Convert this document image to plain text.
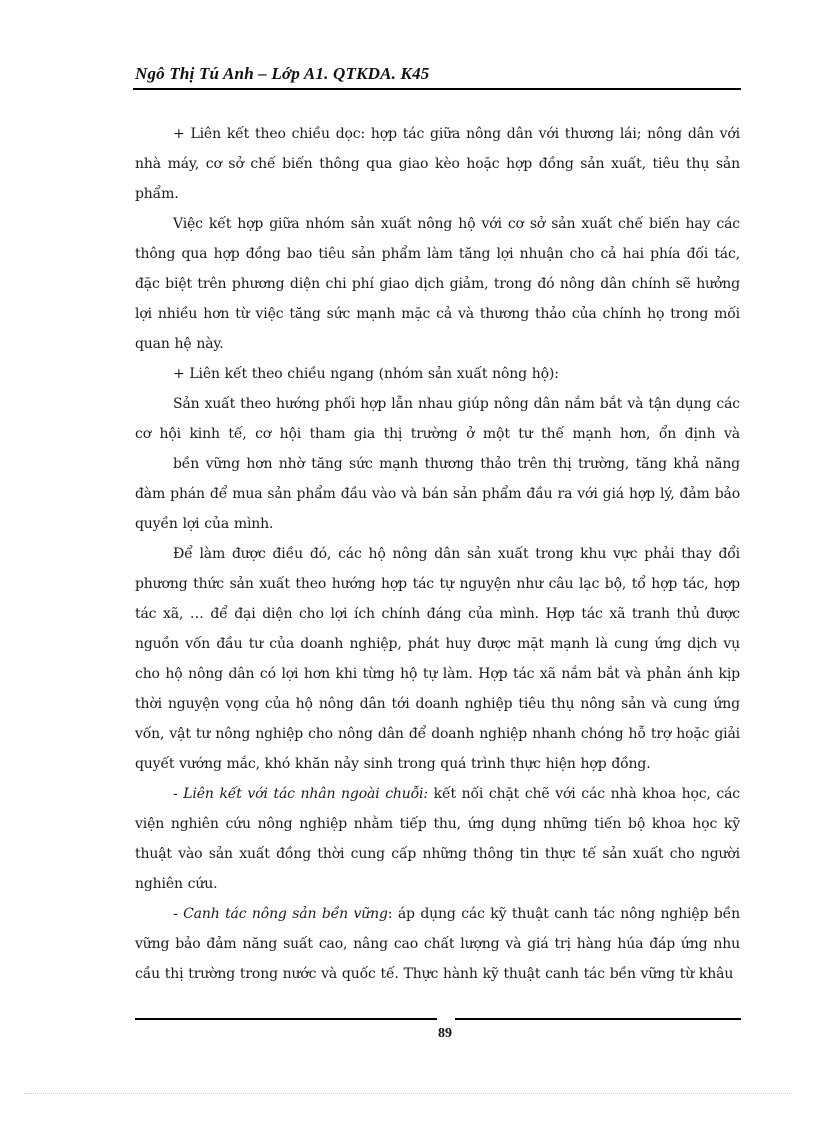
Ngô Thị Tú Anh – Lớp A1. QTKDA. K45

+ Liên kết theo chiều dọc: hợp tác giữa nông dân với thương lái; nông dân với nhà máy, cơ sở chế biến thông qua giao kèo hoặc hợp đồng sản xuất, tiêu thụ sản phẩm.

Việc kết hợp giữa nhóm sản xuất nông hộ với cơ sở sản xuất chế biến hay các thông qua hợp đồng bao tiêu sản phẩm làm tăng lợi nhuận cho cả hai phía đối tác, đặc biệt trên phương diện chi phí giao dịch giảm, trong đó nông dân chính sẽ hưởng lợi nhiều hơn từ việc tăng sức mạnh mặc cả và thương thảo của chính họ trong mối quan hệ này.

+ Liên kết theo chiều ngang (nhóm sản xuất nông hộ):

Sản xuất theo hướng phối hợp lẫn nhau giúp nông dân nắm bắt và tận dụng các cơ hội kinh tế, cơ hội tham gia thị trường ở một tư thế mạnh hơn, ổn định và

bền vững hơn nhờ tăng sức mạnh thương thảo trên thị trường, tăng khả năng đàm phán để mua sản phẩm đầu vào và bán sản phẩm đầu ra với giá hợp lý, đảm bảo quyền lợi của mình.

Để làm được điều đó, các hộ nông dân sản xuất trong khu vực phải thay đổi phương thức sản xuất theo hướng hợp tác tự nguyện như câu lạc bộ, tổ hợp tác, hợp tác xã, … để đại diện cho lợi ích chính đáng của mình. Hợp tác xã tranh thủ được nguồn vốn đầu tư của doanh nghiệp, phát huy được mặt mạnh là cung ứng dịch vụ cho hộ nông dân có lợi hơn khi từng hộ tự làm. Hợp tác xã nắm bắt và phản ánh kịp thời nguyện vọng của hộ nông dân tới doanh nghiệp tiêu thụ nông sản và cung ứng vốn, vật tư nông nghiệp cho nông dân để doanh nghiệp nhanh chóng hỗ trợ hoặc giải quyết vướng mắc, khó khăn nảy sinh trong quá trình thực hiện hợp đồng.

- Liên kết với tác nhân ngoài chuỗi: kết nối chặt chẽ với các nhà khoa học, các viện nghiên cứu nông nghiệp nhằm tiếp thu, ứng dụng những tiến bộ khoa học kỹ thuật vào sản xuất đồng thời cung cấp những thông tin thực tế sản xuất cho người nghiên cứu.

- Canh tác nông sản bền vững: áp dụng các kỹ thuật canh tác nông nghiệp bền vững bảo đảm năng suất cao, nâng cao chất lượng và giá trị hàng húa đáp ứng nhu cầu thị trường trong nước và quốc tế. Thực hành kỹ thuật canh tác bền vững từ khâu

89
